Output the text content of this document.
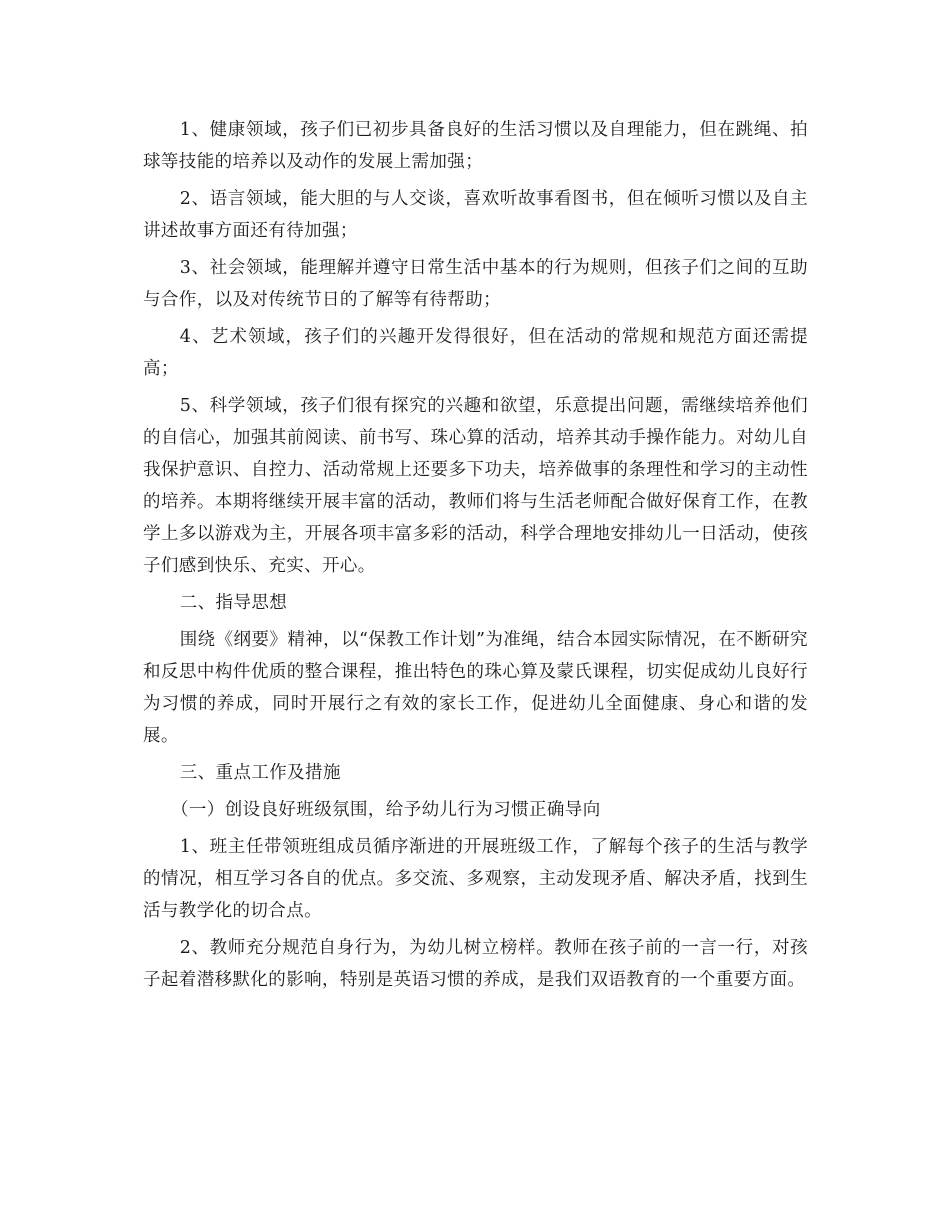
1、健康领域，孩子们已初步具备良好的生活习惯以及自理能力，但在跳绳、拍球等技能的培养以及动作的发展上需加强；

2、语言领域，能大胆的与人交谈，喜欢听故事看图书，但在倾听习惯以及自主讲述故事方面还有待加强；

3、社会领域，能理解并遵守日常生活中基本的行为规则，但孩子们之间的互助与合作，以及对传统节日的了解等有待帮助；

4、艺术领域，孩子们的兴趣开发得很好，但在活动的常规和规范方面还需提高；

5、科学领域，孩子们很有探究的兴趣和欲望，乐意提出问题，需继续培养他们的自信心，加强其前阅读、前书写、珠心算的活动，培养其动手操作能力。对幼儿自我保护意识、自控力、活动常规上还要多下功夫，培养做事的条理性和学习的主动性的培养。本期将继续开展丰富的活动，教师们将与生活老师配合做好保育工作，在教学上多以游戏为主，开展各项丰富多彩的活动，科学合理地安排幼儿一日活动，使孩子们感到快乐、充实、开心。

二、指导思想

围绕《纲要》精神，以“保教工作计划”为准绳，结合本园实际情况，在不断研究和反思中构件优质的整合课程，推出特色的珠心算及蒙氏课程，切实促成幼儿良好行为习惯的养成，同时开展行之有效的家长工作，促进幼儿全面健康、身心和谐的发展。

三、重点工作及措施

（一）创设良好班级氛围，给予幼儿行为习惯正确导向

1、班主任带领班组成员循序渐进的开展班级工作，了解每个孩子的生活与教学的情况，相互学习各自的优点。多交流、多观察，主动发现矛盾、解决矛盾，找到生活与教学化的切合点。

2、教师充分规范自身行为，为幼儿树立榜样。教师在孩子前的一言一行，对孩子起着潜移默化的影响，特别是英语习惯的养成，是我们双语教育的一个重要方面。
